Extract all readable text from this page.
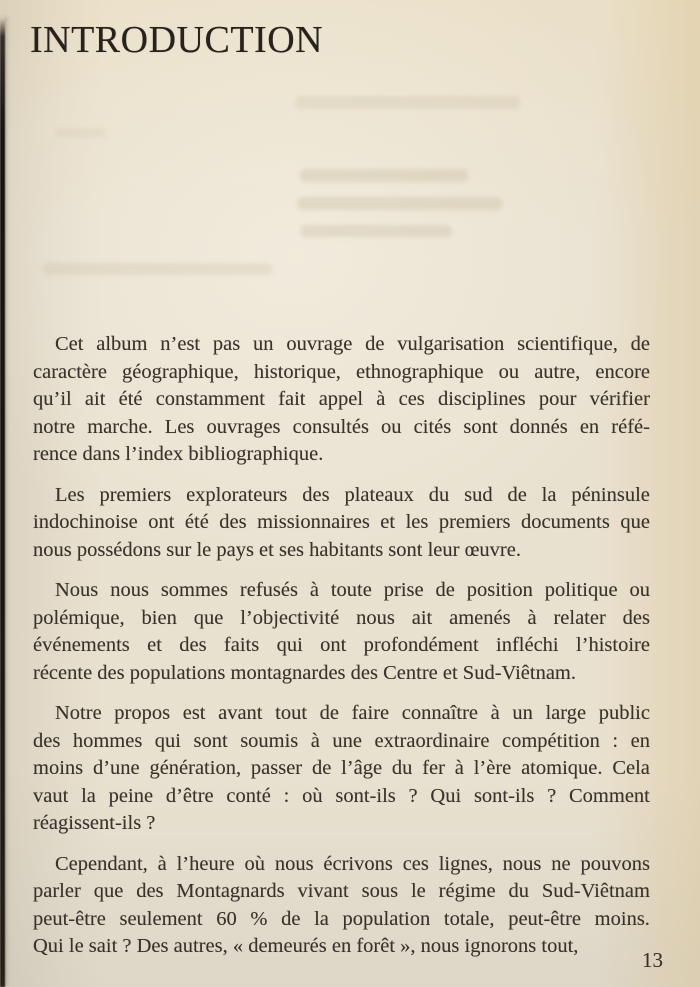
INTRODUCTION

Cet album n’est pas un ouvrage de vulgarisation scientifique, de
caractère géographique, historique, ethnographique ou autre, encore
qu’il ait été constamment fait appel à ces disciplines pour vérifier
notre marche. Les ouvrages consultés ou cités sont donnés en réfé-
rence dans l’index bibliographique.

Les premiers explorateurs des plateaux du sud de la péninsule
indochinoise ont été des missionnaires et les premiers documents que
nous possédons sur le pays et ses habitants sont leur œuvre.

Nous nous sommes refusés à toute prise de position politique ou
polémique, bien que l’objectivité nous ait amenés à relater des
événements et des faits qui ont profondément infléchi l’histoire
récente des populations montagnardes des Centre et Sud-Viêtnam.

Notre propos est avant tout de faire connaître à un large public
des hommes qui sont soumis à une extraordinaire compétition : en
moins d’une génération, passer de l’âge du fer à l’ère atomique. Cela
vaut la peine d’être conté : où sont-ils ? Qui sont-ils ? Comment
réagissent-ils ?

Cependant, à l’heure où nous écrivons ces lignes, nous ne pouvons
parler que des Montagnards vivant sous le régime du Sud-Viêtnam
peut-être seulement 60 % de la population totale, peut-être moins.
Qui le sait ? Des autres, « demeurés en forêt », nous ignorons tout,

13
